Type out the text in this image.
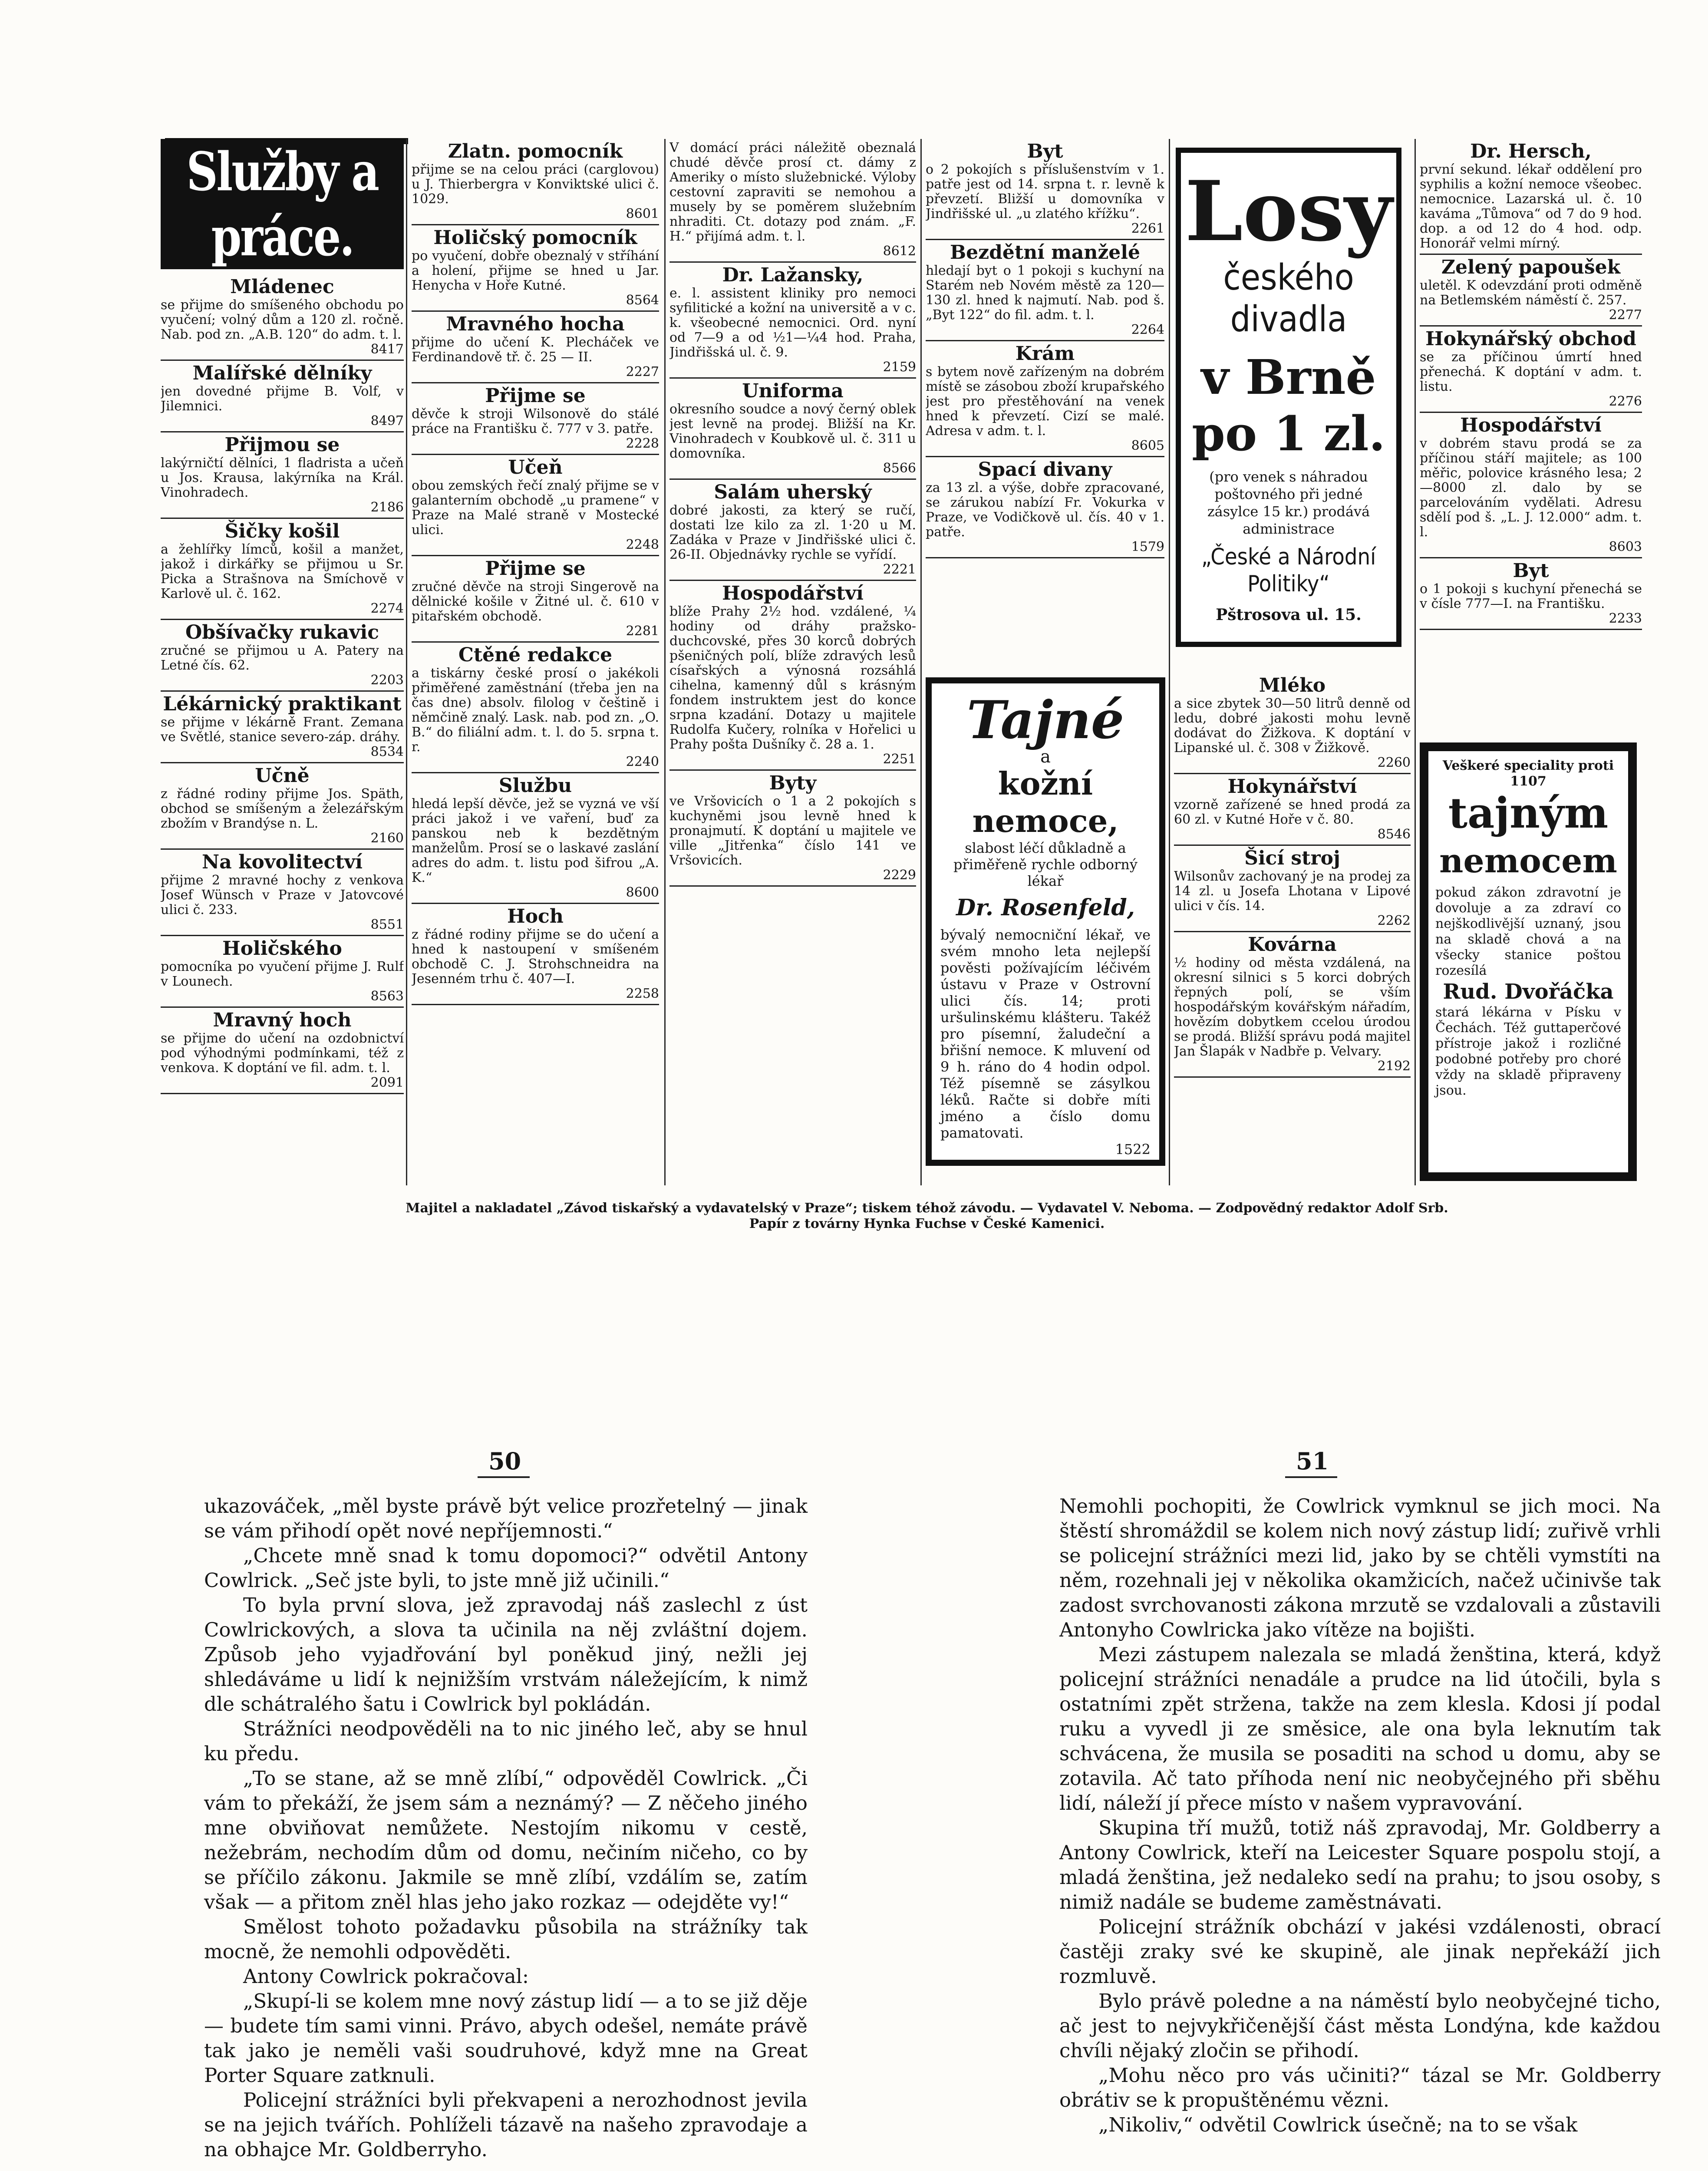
Služby a práce.
Mládenec
se přijme do smíšeného obchodu po vyučení; volný dům a 120 zl. ročně. Nab. pod zn. „A.B. 120“ do adm. t. l.
8417
Malířské dělníky
jen dovedné přijme B. Volf, v Jilemnici.
8497
Přijmou se
lakýrničtí dělníci, 1 fladrista a učeň u Jos. Krausa, lakýrníka na Král. Vinohradech.
2186
Šičky košil
a žehlířky límců, košil a manžet, jakož i dirkářky se přijmou u Sr. Picka a Strašnova na Smíchově v Karlově ul. č. 162.
2274
Obšívačky rukavic
zručné se přijmou u A. Patery na Letné čís. 62.
2203
Lékárnický praktikant
se přijme v lékárně Frant. Zemana ve Světlé, stanice severo-záp. dráhy.
8534
Učně
z řádné rodiny přijme Jos. Späth, obchod se smíšeným a železářským zbožím v Brandýse n. L.
2160
Na kovolitectví
přijme 2 mravné hochy z venkova Josef Wünsch v Praze v Jatovcové ulici č. 233.
8551
Holičského
pomocníka po vyučení přijme J. Rulf v Lounech.
8563
Mravný hoch
se přijme do učení na ozdobnictví pod výhodnými podmínkami, též z venkova. K doptání ve fil. adm. t. l.
2091
Zlatn. pomocník
přijme se na celou práci (carglovou) u J. Thierbergra v Konviktské ulici č. 1029.
8601
Holičský pomocník
po vyučení, dobře obeznalý v stříhání a holení, přijme se hned u Jar. Henycha v Hoře Kutné.
8564
Mravného hocha
přijme do učení K. Plecháček ve Ferdinandově tř. č. 25 — II.
2227
Přijme se
děvče k stroji Wilsonově do stálé práce na Františku č. 777 v 3. patře.
2228
Učeň
obou zemských řečí znalý přijme se v galanterním obchodě „u pramene“ v Praze na Malé straně v Mostecké ulici.
2248
Přijme se
zručné děvče na stroji Singerově na dělnické košile v Žitné ul. č. 610 v pitařském obchodě.
2281
Ctěné redakce
a tiskárny české prosí o jakékoli přiměřené zaměstnání (třeba jen na čas dne) absolv. filolog v češtině i němčině znalý. Lask. nab. pod zn. „O. B.“ do filiální adm. t. l. do 5. srpna t. r.
2240
Službu
hledá lepší děvče, jež se vyzná ve vší práci jakož i ve vaření, buď za panskou neb k bezdětným manželům. Prosí se o laskavé zaslání adres do adm. t. listu pod šifrou „A. K.“
8600
Hoch
z řádné rodiny přijme se do učení a hned k nastoupení v smíšeném obchodě C. J. Strohschneidra na Jesenném trhu č. 407—I.
2258
V domácí práci náležitě obeznalá chudé děvče prosí ct. dámy z Ameriky o místo služebnické. Výloby cestovní zapraviti se nemohou a musely by se poměrem služebním nhraditi. Ct. dotazy pod znám. „F. H.“ přijímá adm. t. l.
8612
Dr. Lažansky,
e. l. assistent kliniky pro nemoci syfilitické a kožní na universitě a v c. k. všeobecné nemocnici. Ord. nyní od 7—9 a od ½1—¼4 hod. Praha, Jindřišská ul. č. 9.
2159
Uniforma
okresního soudce a nový černý oblek jest levně na prodej. Bližší na Kr. Vinohradech v Koubkově ul. č. 311 u domovníka.
8566
Salám uherský
dobré jakosti, za který se ručí, dostati lze kilo za zl. 1·20 u M. Zadáka v Praze v Jindřišské ulici č. 26-II. Objednávky rychle se vyřídí.
2221
Hospodářství
blíže Prahy 2½ hod. vzdálené, ¼ hodiny od dráhy pražsko-duchcovské, přes 30 korců dobrých pšeničných polí, blíže zdravých lesů císařských a výnosná rozsáhlá cihelna, kamenný důl s krásným fondem instruktem jest do konce srpna kzadání. Dotazy u majitele Rudolfa Kučery, rolníka v Hořelici u Prahy pošta Dušníky č. 28 a. 1.
2251
Byty
ve Vršovicích o 1 a 2 pokojích s kuchyněmi jsou levně hned k pronajmutí. K doptání u majitele ve ville „Jitřenka“ číslo 141 ve Vršovicích.
2229
Byt
o 2 pokojích s příslušenstvím v 1. patře jest od 14. srpna t. r. levně k převzetí. Bližší u domovníka v Jindřišské ul. „u zlatého křížku“.
2261
Bezdětní manželé
hledají byt o 1 pokoji s kuchyní na Starém neb Novém městě za 120—130 zl. hned k najmutí. Nab. pod š. „Byt 122“ do fil. adm. t. l.
2264
Krám
s bytem nově zařízeným na dobrém místě se zásobou zboží krupařského jest pro přestěhování na venek hned k převzetí. Cizí se malé. Adresa v adm. t. l.
8605
Spací divany
za 13 zl. a výše, dobře zpracované, se zárukou nabízí Fr. Vokurka v Praze, ve Vodičkově ul. čís. 40 v 1. patře.
1579
Mléko
a sice zbytek 30—50 litrů denně od ledu, dobré jakosti mohu levně dodávat do Žižkova. K doptání v Lipanské ul. č. 308 v Žižkově.
2260
Hokynářství
vzorně zařízené se hned prodá za 60 zl. v Kutné Hoře v č. 80.
8546
Šicí stroj
Wilsonův zachovaný je na prodej za 14 zl. u Josefa Lhotana v Lipové ulici v čís. 14.
2262
Kovárna
½ hodiny od města vzdálená, na okresní silnici s 5 korci dobrých řepných polí, se vším hospodářským kovářským nářadím, hovězím dobytkem ccelou úrodou se prodá. Bližší správu podá majitel Jan Šlapák v Nadbře p. Velvary.
2192
Dr. Hersch,
první sekund. lékař oddělení pro syphilis a kožní nemoce všeobec. nemocnice. Lazarská ul. č. 10 kaváma „Tůmova“ od 7 do 9 hod. dop. a od 12 do 4 hod. odp. Honorář velmi mírný.
Zelený papoušek
uletěl. K odevzdání proti odměně na Betlemském náměstí č. 257.
2277
Hokynářský obchod
se za příčinou úmrtí hned přenechá. K doptání v adm. t. listu.
2276
Hospodářství
v dobrém stavu prodá se za příčinou stáří majitele; as 100 měřic, polovice krásného lesa; 2—8000 zl. dalo by se parcelováním vydělati. Adresu sdělí pod š. „L. J. 12.000“ adm. t. l.
8603
Byt
o 1 pokoji s kuchyní přenechá se v čísle 777—I. na Františku.
2233
Losy
českého divadla
v Brně
po 1 zl.
(pro venek s náhradou poštovného při jedné zásylce 15 kr.) prodává administrace
„České a Národní Politiky“
Pštrosova ul. 15.
Tajné
a
kožní nemoce,
slabost léčí důkladně a přiměřeně rychle odborný lékař
Dr. Rosenfeld,
bývalý nemocniční lékař, ve svém mnoho leta nejlepší pověsti požívajícím léčivém ústavu v Praze v Ostrovní ulici čís. 14; proti uršulinskému klášteru. Takéž pro písemní, žaludeční a břišní nemoce. K mluvení od 9 h. ráno do 4 hodin odpol. Též písemně se zásylkou léků. Račte si dobře míti jméno a číslo domu pamatovati.
1522
Veškeré speciality proti 1107
tajným
nemocem
pokud zákon zdravotní je dovoluje a za zdraví co nejškodlivější uznaný, jsou na skladě chová a na všecky stanice poštou rozesílá
Rud. Dvořáčka
stará lékárna v Písku v Čechách. Též guttaperčové přístroje jakož i rozličné podobné potřeby pro choré vždy na skladě připraveny jsou.
Majitel a nakladatel „Závod tiskařský a vydavatelský v Praze“; tiskem téhož závodu. — Vydavatel V. Neboma. — Zodpovědný redaktor Adolf Srb.
Papír z továrny Hynka Fuchse v České Kamenici.
50	51

ukazováček, „měl byste právě být velice prozřetelný — jinak se vám přihodí opět nové nepříjemnosti.“

„Chcete mně snad k tomu dopomoci?“ odvětil Antony Cowlrick. „Seč jste byli, to jste mně již učinili.“

To byla první slova, jež zpravodaj náš zaslechl z úst Cowlrickových, a slova ta učinila na něj zvláštní dojem. Způsob jeho vyjadřování byl poněkud jiný, nežli jej shledáváme u lidí k nejnižším vrstvám náležejícím, k nimž dle schátralého šatu i Cowlrick byl pokládán.

Strážníci neodpověděli na to nic jiného leč, aby se hnul ku předu.

„To se stane, až se mně zlíbí,“ odpověděl Cowlrick. „Či vám to překáží, že jsem sám a neznámý? — Z něčeho jiného mne obviňovat nemůžete. Nestojím nikomu v cestě, nežebrám, nechodím dům od domu, nečiním ničeho, co by se příčilo zákonu. Jakmile se mně zlíbí, vzdálím se, zatím však — a přitom zněl hlas jeho jako rozkaz — odejděte vy!“

Smělost tohoto požadavku působila na strážníky tak mocně, že nemohli odpověděti.

Antony Cowlrick pokračoval:

„Skupí-li se kolem mne nový zástup lidí — a to se již děje — budete tím sami vinni. Právo, abych odešel, nemáte právě tak jako je neměli vaši soudruhové, když mne na Great Porter Square zatknuli.

Policejní strážníci byli překvapeni a nerozhodnost jevila se na jejich tvářích. Pohlíželi tázavě na našeho zpravodaje a na obhajce Mr. Goldberryho.

Nemohli pochopiti, že Cowlrick vymknul se jich moci. Na štěstí shromáždil se kolem nich nový zástup lidí; zuřivě vrhli se policejní strážníci mezi lid, jako by se chtěli vymstíti na něm, rozehnali jej v několika okamžicích, načež učinivše tak zadost svrchovanosti zákona mrzutě se vzdalovali a zůstavili Antonyho Cowlricka jako vítěze na bojišti.

Mezi zástupem nalezala se mladá ženština, která, když policejní strážníci nenadále a prudce na lid útočili, byla s ostatními zpět stržena, takže na zem klesla. Kdosi jí podal ruku a vyvedl ji ze směsice, ale ona byla leknutím tak schvácena, že musila se posaditi na schod u domu, aby se zotavila. Ač tato příhoda není nic neobyčejného při sběhu lidí, náleží jí přece místo v našem vypravování.

Skupina tří mužů, totiž náš zpravodaj, Mr. Goldberry a Antony Cowlrick, kteří na Leicester Square pospolu stojí, a mladá ženština, jež nedaleko sedí na prahu; to jsou osoby, s nimiž nadále se budeme zaměstnávati.

Policejní strážník obchází v jakési vzdálenosti, obrací častěji zraky své ke skupině, ale jinak nepřekáží jich rozmluvě.

Bylo právě poledne a na náměstí bylo neobyčejné ticho, ač jest to nejvykřičenější část města Londýna, kde každou chvíli nějaký zločin se přihodí.

„Mohu něco pro vás učiniti?“ tázal se Mr. Goldberry obrátiv se k propuštěnému vězni.

„Nikoliv,“ odvětil Cowlrick úsečně; na to se však
